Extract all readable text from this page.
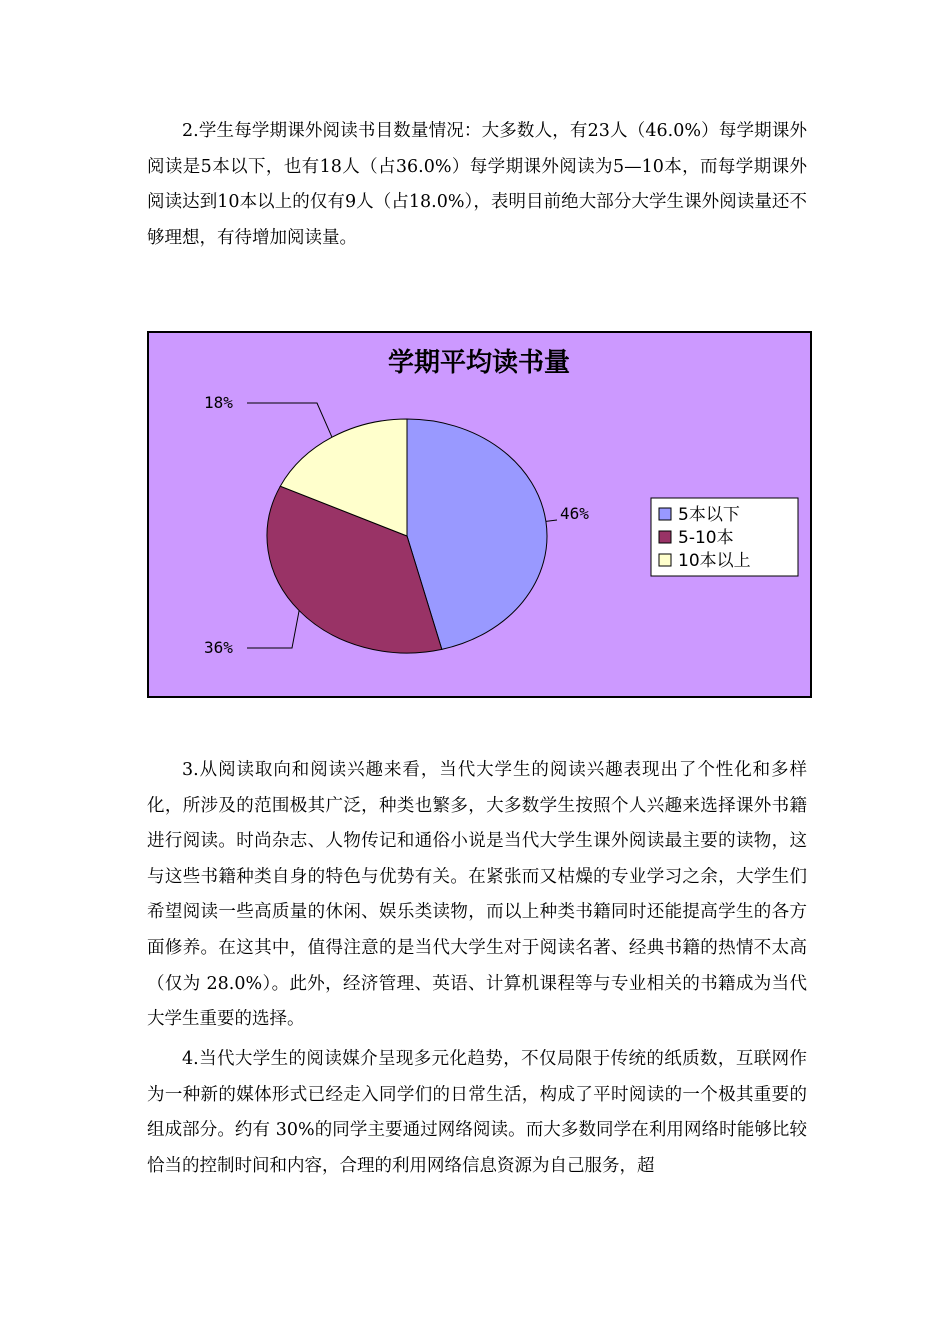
2.学生每学期课外阅读书目数量情况：大多数人，有23人（46.0%）每学期课外阅读是5本以下，也有18人（占36.0%）每学期课外阅读为5—10本，而每学期课外阅读达到10本以上的仅有9人（占18.0%），表明目前绝大部分大学生课外阅读量还不够理想，有待增加阅读量。

学期平均读书量
46%
36%
18%
5本以下
5-10本
10本以上

3.从阅读取向和阅读兴趣来看，当代大学生的阅读兴趣表现出了个性化和多样化，所涉及的范围极其广泛，种类也繁多，大多数学生按照个人兴趣来选择课外书籍进行阅读。时尚杂志、人物传记和通俗小说是当代大学生课外阅读最主要的读物，这与这些书籍种类自身的特色与优势有关。在紧张而又枯燥的专业学习之余，大学生们希望阅读一些高质量的休闲、娱乐类读物，而以上种类书籍同时还能提高学生的各方面修养。在这其中，值得注意的是当代大学生对于阅读名著、经典书籍的热情不太高（仅为 28.0%）。此外，经济管理、英语、计算机课程等与专业相关的书籍成为当代大学生重要的选择。

4.当代大学生的阅读媒介呈现多元化趋势，不仅局限于传统的纸质数，互联网作为一种新的媒体形式已经走入同学们的日常生活，构成了平时阅读的一个极其重要的组成部分。约有 30%的同学主要通过网络阅读。而大多数同学在利用网络时能够比较恰当的控制时间和内容，合理的利用网络信息资源为自己服务，超
